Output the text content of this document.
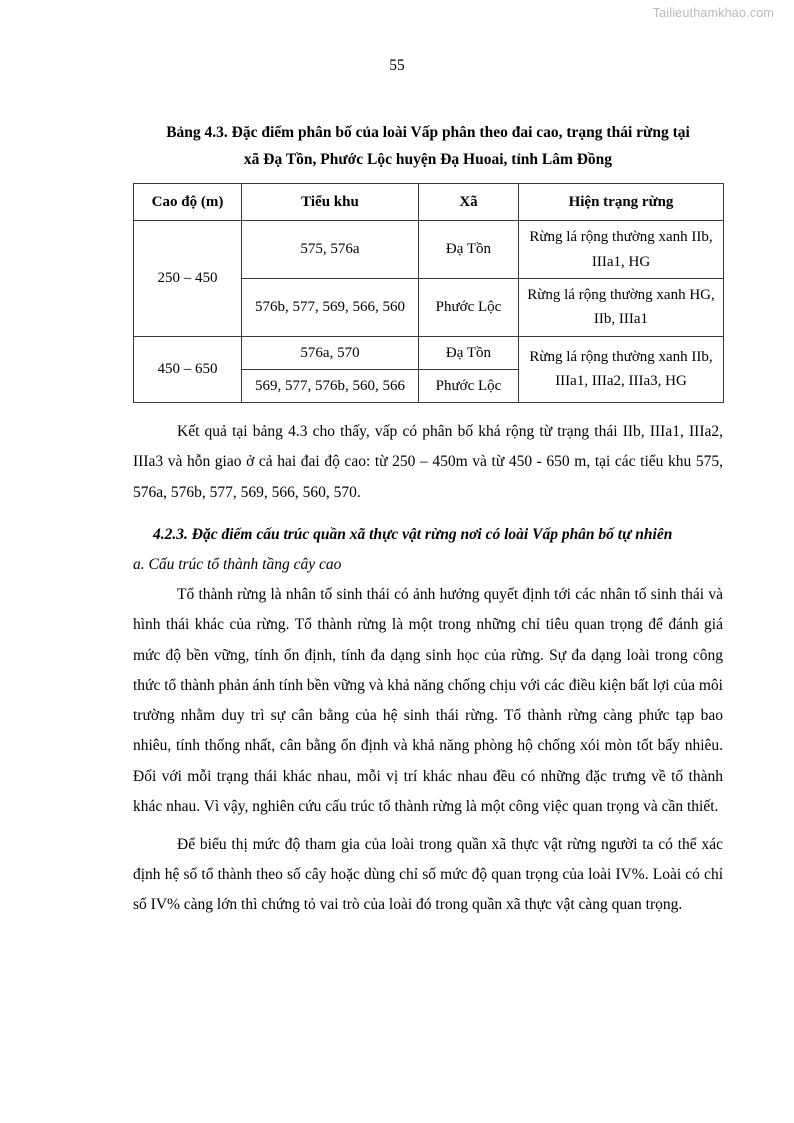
Tailieuthamkhao.com
55
Bảng 4.3. Đặc điểm phân bố của loài Vấp phân theo đai cao, trạng thái rừng tại
xã Đạ Tồn, Phước Lộc huyện Đạ Huoai, tỉnh Lâm Đồng
Cao độ (m)	Tiểu khu	Xã	Hiện trạng rừng
250 – 450	575, 576a	Đạ Tồn	Rừng lá rộng thường xanh IIb, IIIa1, HG
	576b, 577, 569, 566, 560	Phước Lộc	Rừng lá rộng thường xanh HG, IIb, IIIa1
450 – 650	576a, 570	Đạ Tồn	Rừng lá rộng thường xanh IIb, IIIa1, IIIa2, IIIa3, HG
	569, 577, 576b, 560, 566	Phước Lộc	

Kết quả tại bảng 4.3 cho thấy, vấp có phân bố khá rộng từ trạng thái IIb, IIIa1, IIIa2, IIIa3 và hỗn giao ở cả hai đai độ cao: từ 250 – 450m và từ 450 - 650 m, tại các tiểu khu 575, 576a, 576b, 577, 569, 566, 560, 570.

4.2.3. Đặc điểm cấu trúc quần xã thực vật rừng nơi có loài Vấp phân bố tự nhiên
a. Cấu trúc tổ thành tầng cây cao

Tổ thành rừng là nhân tố sinh thái có ảnh hưởng quyết định tới các nhân tố sinh thái và hình thái khác của rừng. Tổ thành rừng là một trong những chỉ tiêu quan trọng để đánh giá mức độ bền vững, tính ổn định, tính đa dạng sinh học của rừng. Sự đa dạng loài trong công thức tổ thành phản ánh tính bền vững và khả năng chống chịu với các điều kiện bất lợi của môi trường nhằm duy trì sự cân bằng của hệ sinh thái rừng. Tổ thành rừng càng phức tạp bao nhiêu, tính thống nhất, cân bằng ổn định và khả năng phòng hộ chống xói mòn tốt bấy nhiêu. Đối với mỗi trạng thái khác nhau, mỗi vị trí khác nhau đều có những đặc trưng về tổ thành khác nhau. Vì vậy, nghiên cứu cấu trúc tổ thành rừng là một công việc quan trọng và cần thiết.

Để biểu thị mức độ tham gia của loài trong quần xã thực vật rừng người ta có thể xác định hệ số tổ thành theo số cây hoặc dùng chỉ số mức độ quan trọng của loài IV%. Loài có chỉ số IV% càng lớn thì chứng tỏ vai trò của loài đó trong quần xã thực vật càng quan trọng.
